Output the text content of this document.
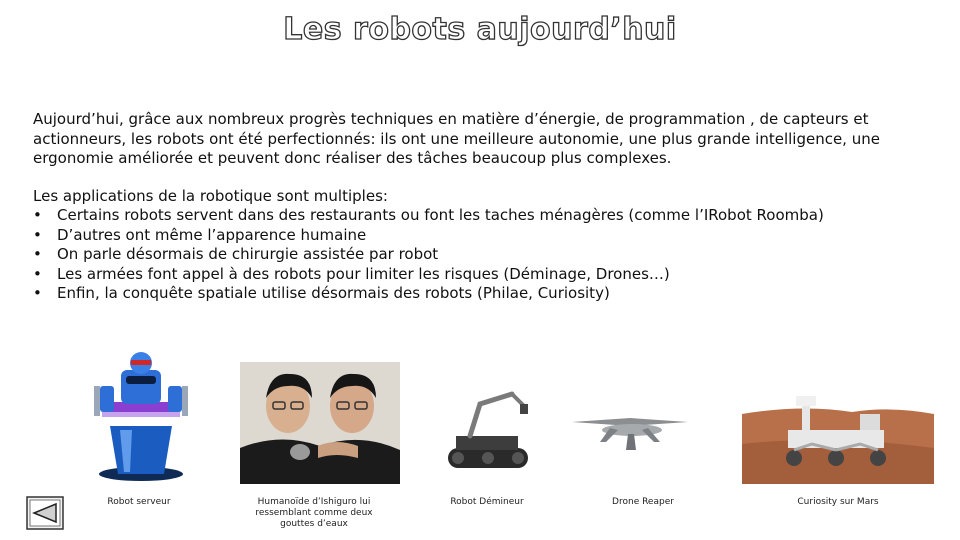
Les robots aujourd’hui

Aujourd’hui, grâce aux nombreux progrès techniques en matière d’énergie, de programmation , de capteurs et actionneurs, les robots ont été perfectionnés: ils ont une meilleure autonomie, une plus grande intelligence, une ergonomie améliorée et peuvent donc réaliser des tâches beaucoup plus complexes.

Les applications de la robotique sont multiples:

• Certains robots servent dans des restaurants ou font les taches ménagères (comme l’IRobot Roomba)
• D’autres ont même l’apparence humaine
• On parle désormais de chirurgie assistée par robot
• Les armées font appel à des robots pour limiter les risques (Déminage, Drones…)
• Enfin, la conquête spatiale utilise désormais des robots (Philae, Curiosity)
Robot serveur	Humanoïde d’Ishiguro lui ressemblant comme deux gouttes d’eaux
Robot Démineur	Drone Reaper	Curiosity sur Mars
